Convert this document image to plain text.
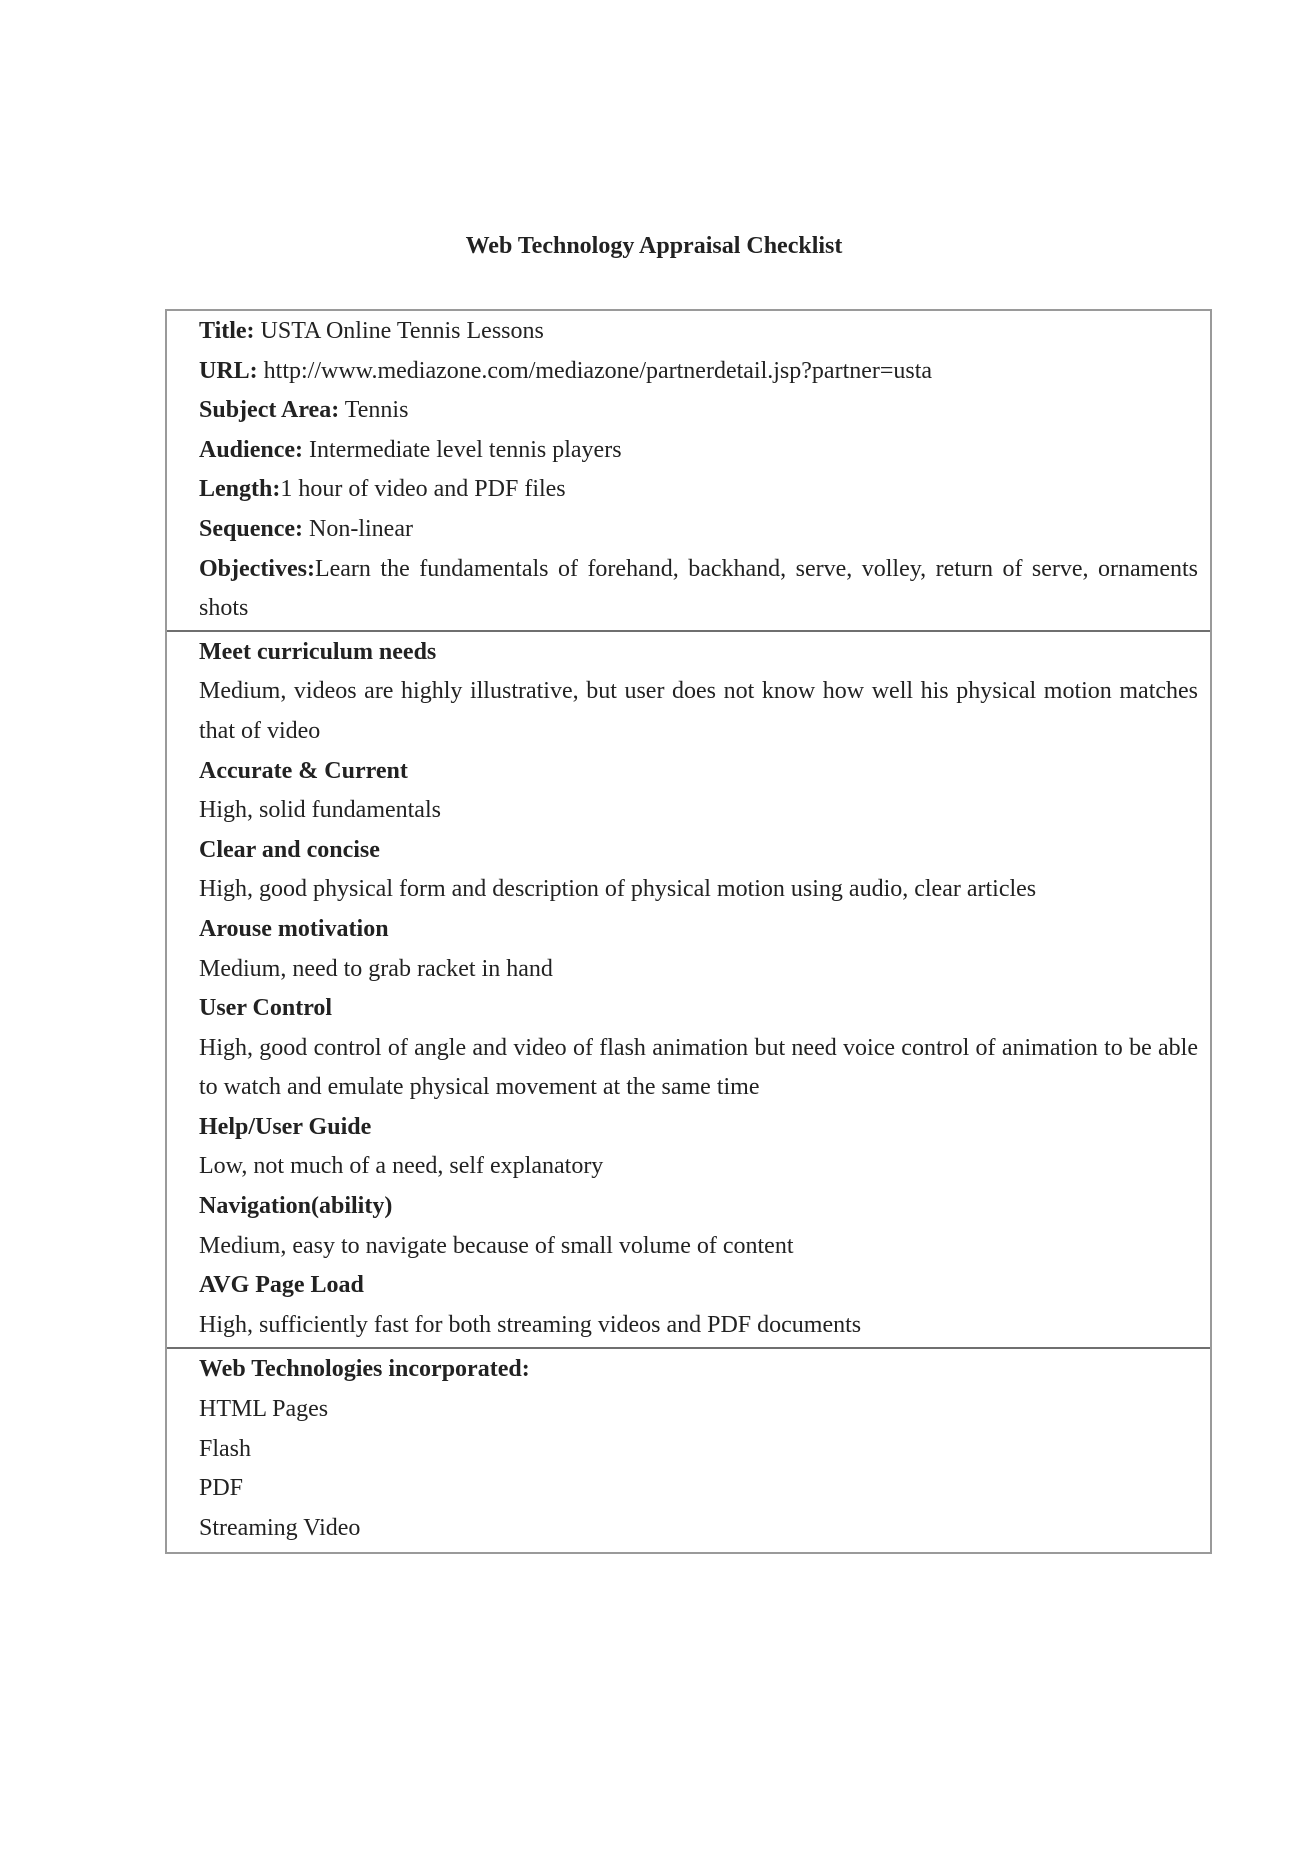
Web Technology Appraisal Checklist
Title: USTA Online Tennis Lessons
URL: http://www.mediazone.com/mediazone/partnerdetail.jsp?partner=usta
Subject Area: Tennis
Audience: Intermediate level tennis players
Length:1 hour of video and PDF files
Sequence: Non-linear
Objectives:Learn the fundamentals of forehand, backhand, serve, volley, return of serve, ornaments shots
Meet curriculum needs
Medium, videos are highly illustrative, but user does not know how well his physical motion matches that of video
Accurate & Current
High, solid fundamentals
Clear and concise
High, good physical form and description of physical motion using audio, clear articles
Arouse motivation
Medium, need to grab racket in hand
User Control
High, good control of angle and video of flash animation but need voice control of animation to be able to watch and emulate physical movement at the same time
Help/User Guide
Low, not much of a need, self explanatory
Navigation(ability)
Medium, easy to navigate because of small volume of content
AVG Page Load
High, sufficiently fast for both streaming videos and PDF documents
Web Technologies incorporated:
HTML Pages
Flash
PDF
Streaming Video
